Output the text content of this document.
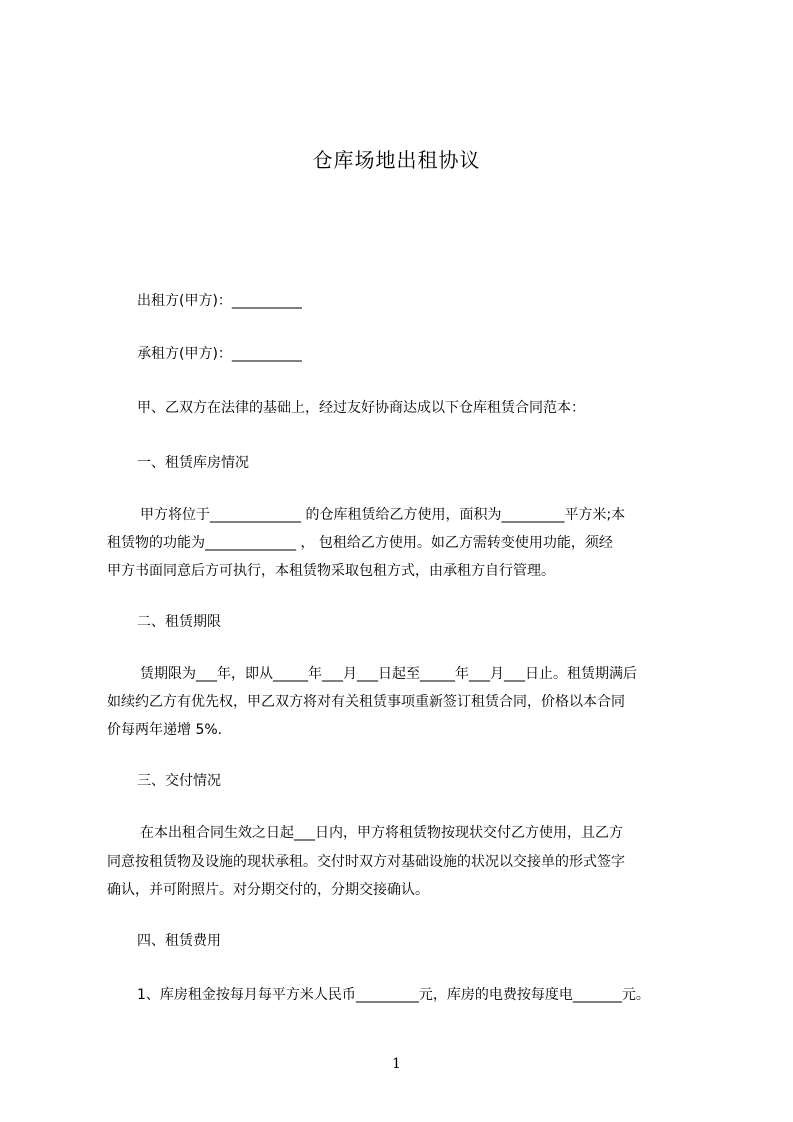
仓库场地出租协议
出租方(甲方)：__________
承租方(甲方)：__________
甲、乙双方在法律的基础上，经过友好协商达成以下仓库租赁合同范本：
一、租赁库房情况
甲方将位于_____________ 的仓库租赁给乙方使用，面积为_________平方米;本
租赁物的功能为_____________ ， 包租给乙方使用。如乙方需转变使用功能，须经
甲方书面同意后方可执行，本租赁物采取包租方式，由承租方自行管理。
二、租赁期限
赁期限为___年，即从_____年___月___日起至_____年___月___日止。租赁期满后
如续约乙方有优先权，甲乙双方将对有关租赁事项重新签订租赁合同，价格以本合同
价每两年递增 5%.
三、交付情况
在本出租合同生效之日起___日内，甲方将租赁物按现状交付乙方使用，且乙方
同意按租赁物及设施的现状承租。交付时双方对基础设施的状况以交接单的形式签字
确认，并可附照片。对分期交付的，分期交接确认。
四、租赁费用
1、库房租金按每月每平方米人民币_________元，库房的电费按每度电_______元。
1
